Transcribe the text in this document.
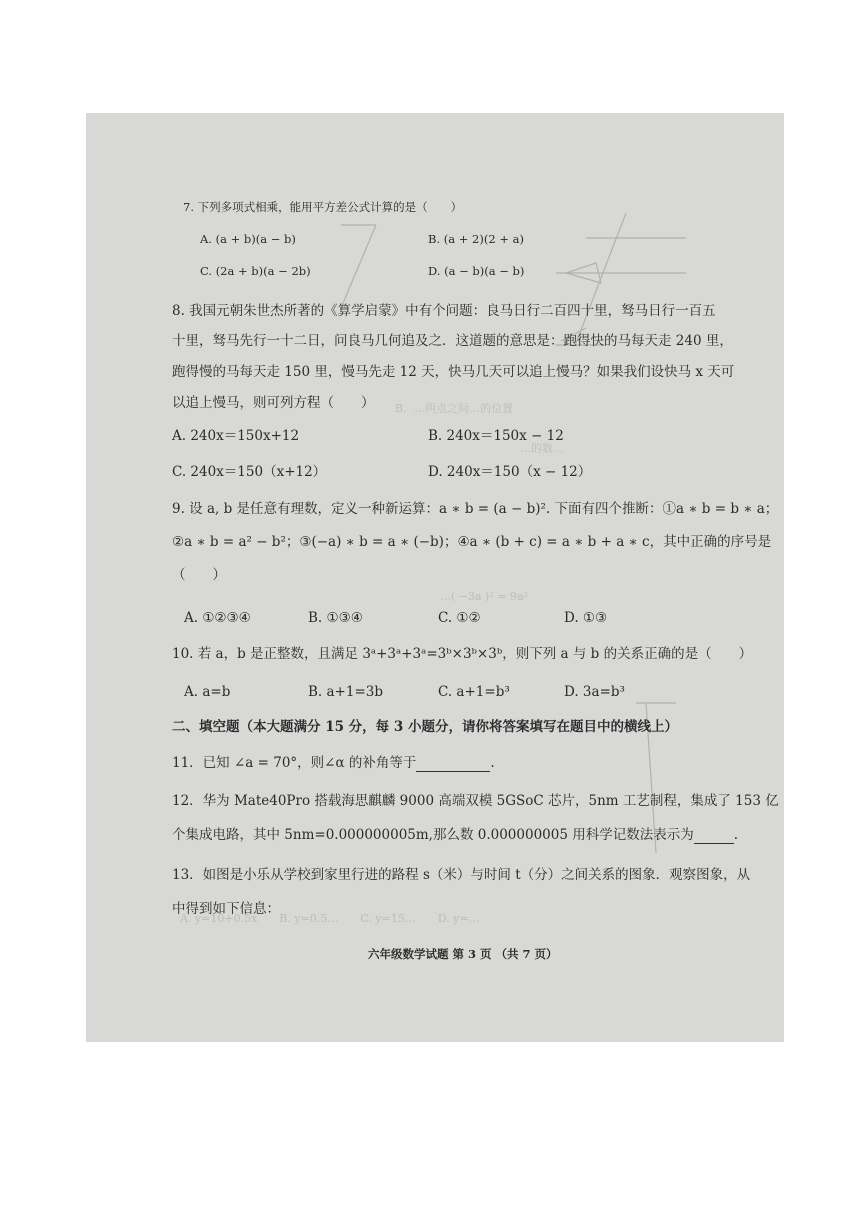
B．…两点之间…的位置
…的数…
…( −3a )² = 9a²
A. y=10+0.5x　　B. y=0.5…　　C. y=15…　　D. y=…
7. 下列多项式相乘，能用平方差公式计算的是（　　）
A. (a + b)(a − b)	B. (a + 2)(2 + a)
C. (2a + b)(a − 2b)	D. (a − b)(a − b)
8. 我国元朝朱世杰所著的《算学启蒙》中有个问题：良马日行二百四十里，驽马日行一百五
十里，驽马先行一十二日，问良马几何追及之．这道题的意思是：跑得快的马每天走 240 里，
跑得慢的马每天走 150 里，慢马先走 12 天，快马几天可以追上慢马？如果我们设快马 x 天可
以追上慢马，则可列方程（　　）
A. 240x＝150x+12	B. 240x＝150x − 12
C. 240x＝150（x+12）	D. 240x＝150（x − 12）
9. 设 a, b 是任意有理数，定义一种新运算：a ∗ b = (a − b)². 下面有四个推断：①a ∗ b = b ∗ a；
②a ∗ b = a² − b²；③(−a) ∗ b = a ∗ (−b)；④a ∗ (b + c) = a ∗ b + a ∗ c，其中正确的序号是
（　　）
A. ①②③④	B. ①③④	C. ①②	D. ①③
10. 若 a，b 是正整数，且满足 3ᵃ+3ᵃ+3ᵃ=3ᵇ×3ᵇ×3ᵇ，则下列 a 与 b 的关系正确的是（　　）
A. a=b	B. a+1=3b	C. a+1=b³	D. 3a=b³
二、填空题（本大题满分 15 分，每 3 小题分，请你将答案填写在题目中的横线上）
11．已知 ∠a = 70°，则∠α 的补角等于	.
12．华为 Mate40Pro 搭载海思麒麟 9000 高端双模 5GSoC 芯片，5nm 工艺制程，集成了 153 亿
个集成电路，其中 5nm=0.000000005m,那么数 0.000000005 用科学记数法表示为	.
13．如图是小乐从学校到家里行进的路程 s（米）与时间 t（分）之间关系的图象．观察图象，从
中得到如下信息：
六年级数学试题 第 3 页 （共 7 页）
